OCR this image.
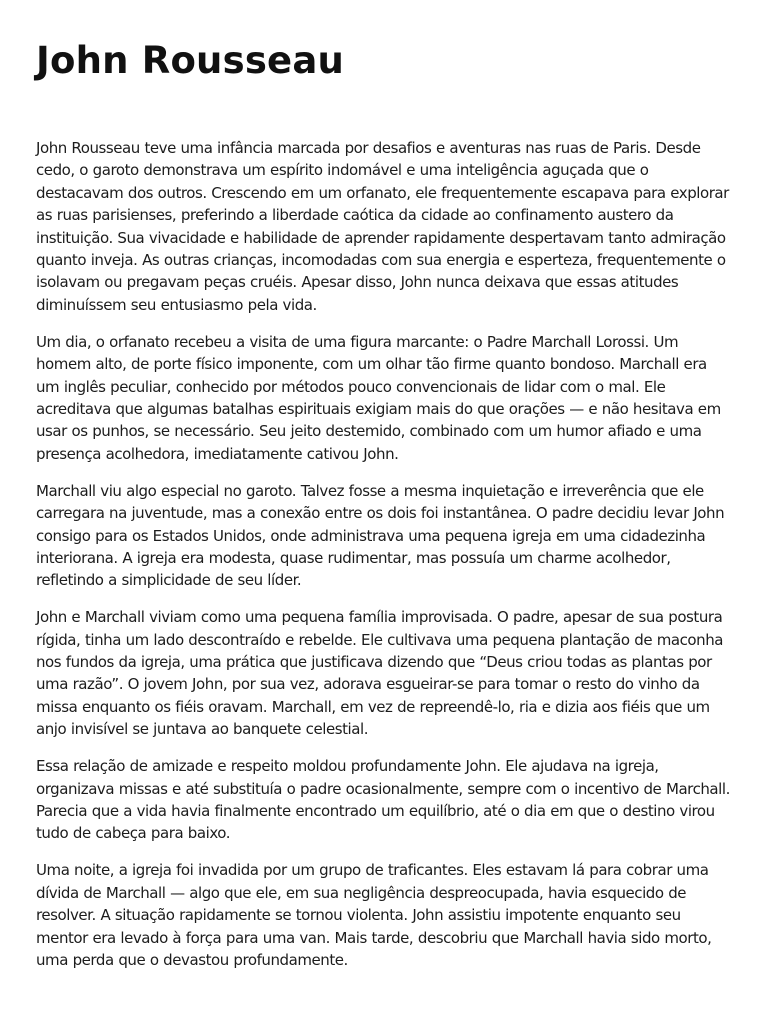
John Rousseau

John Rousseau teve uma infância marcada por desafios e aventuras nas ruas de Paris. Desde cedo, o garoto demonstrava um espírito indomável e uma inteligência aguçada que o destacavam dos outros. Crescendo em um orfanato, ele frequentemente escapava para explorar as ruas parisienses, preferindo a liberdade caótica da cidade ao confinamento austero da instituição. Sua vivacidade e habilidade de aprender rapidamente despertavam tanto admiração quanto inveja. As outras crianças, incomodadas com sua energia e esperteza, frequentemente o isolavam ou pregavam peças cruéis. Apesar disso, John nunca deixava que essas atitudes diminuíssem seu entusiasmo pela vida.

Um dia, o orfanato recebeu a visita de uma figura marcante: o Padre Marchall Lorossi. Um homem alto, de porte físico imponente, com um olhar tão firme quanto bondoso. Marchall era um inglês peculiar, conhecido por métodos pouco convencionais de lidar com o mal. Ele acreditava que algumas batalhas espirituais exigiam mais do que orações — e não hesitava em usar os punhos, se necessário. Seu jeito destemido, combinado com um humor afiado e uma presença acolhedora, imediatamente cativou John.

Marchall viu algo especial no garoto. Talvez fosse a mesma inquietação e irreverência que ele carregara na juventude, mas a conexão entre os dois foi instantânea. O padre decidiu levar John consigo para os Estados Unidos, onde administrava uma pequena igreja em uma cidadezinha interiorana. A igreja era modesta, quase rudimentar, mas possuía um charme acolhedor, refletindo a simplicidade de seu líder.

John e Marchall viviam como uma pequena família improvisada. O padre, apesar de sua postura rígida, tinha um lado descontraído e rebelde. Ele cultivava uma pequena plantação de maconha nos fundos da igreja, uma prática que justificava dizendo que “Deus criou todas as plantas por uma razão”. O jovem John, por sua vez, adorava esgueirar-se para tomar o resto do vinho da missa enquanto os fiéis oravam. Marchall, em vez de repreendê-lo, ria e dizia aos fiéis que um anjo invisível se juntava ao banquete celestial.

Essa relação de amizade e respeito moldou profundamente John. Ele ajudava na igreja, organizava missas e até substituía o padre ocasionalmente, sempre com o incentivo de Marchall. Parecia que a vida havia finalmente encontrado um equilíbrio, até o dia em que o destino virou tudo de cabeça para baixo.

Uma noite, a igreja foi invadida por um grupo de traficantes. Eles estavam lá para cobrar uma dívida de Marchall — algo que ele, em sua negligência despreocupada, havia esquecido de resolver. A situação rapidamente se tornou violenta. John assistiu impotente enquanto seu mentor era levado à força para uma van. Mais tarde, descobriu que Marchall havia sido morto, uma perda que o devastou profundamente.
